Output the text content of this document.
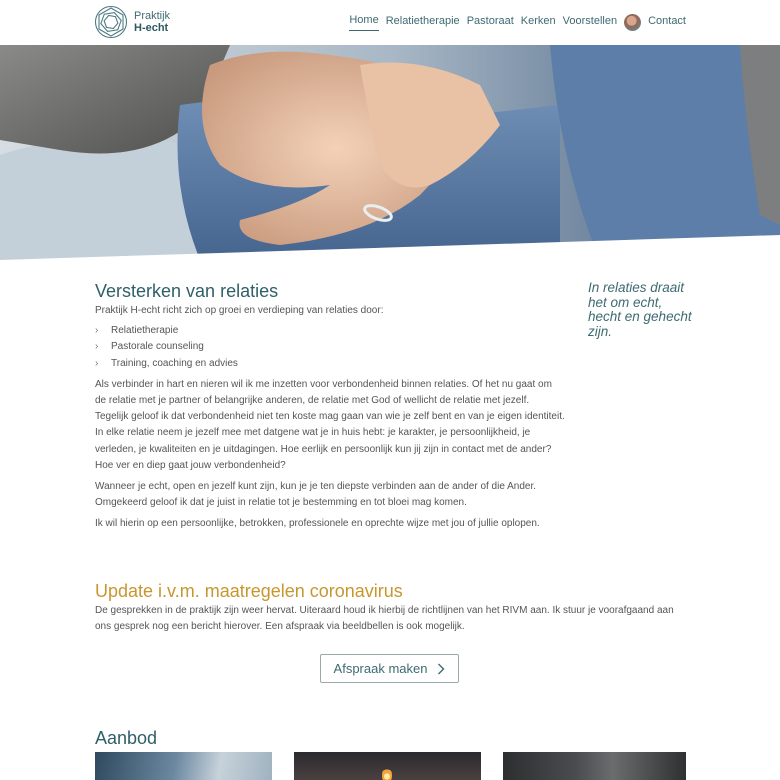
Praktijk
H-echt
Home Relatietherapie Pastoraat Kerken Voorstellen	Contact
Versterken van relaties

Praktijk H-echt richt zich op groei en verdieping van relaties door:

›	Relatietherapie
›	Pastorale counseling
›	Training, coaching en advies

Als verbinder in hart en nieren wil ik me inzetten voor verbondenheid binnen relaties. Of het nu gaat om de relatie met je partner of belangrijke anderen, de relatie met God of wellicht de relatie met jezelf. Tegelijk geloof ik dat verbondenheid niet ten koste mag gaan van wie je zelf bent en van je eigen identiteit. In elke relatie neem je jezelf mee met datgene wat je in huis hebt: je karakter, je persoonlijkheid, je verleden, je kwaliteiten en je uitdagingen. Hoe eerlijk en persoonlijk kun jij zijn in contact met de ander? Hoe ver en diep gaat jouw verbondenheid?

Wanneer je echt, open en jezelf kunt zijn, kun je je ten diepste verbinden aan de ander of die Ander. Omgekeerd geloof ik dat je juist in relatie tot je bestemming en tot bloei mag komen.

Ik wil hierin op een persoonlijke, betrokken, professionele en oprechte wijze met jou of jullie oplopen.

In relaties draait het om echt, hecht en gehecht zijn.
Update i.v.m. maatregelen coronavirus

De gesprekken in de praktijk zijn weer hervat. Uiteraard houd ik hierbij de richtlijnen van het RIVM aan. Ik stuur je voorafgaand aan ons gesprek nog een bericht hierover. Een afspraak via beeldbellen is ook mogelijk.

Afspraak maken
Aanbod
